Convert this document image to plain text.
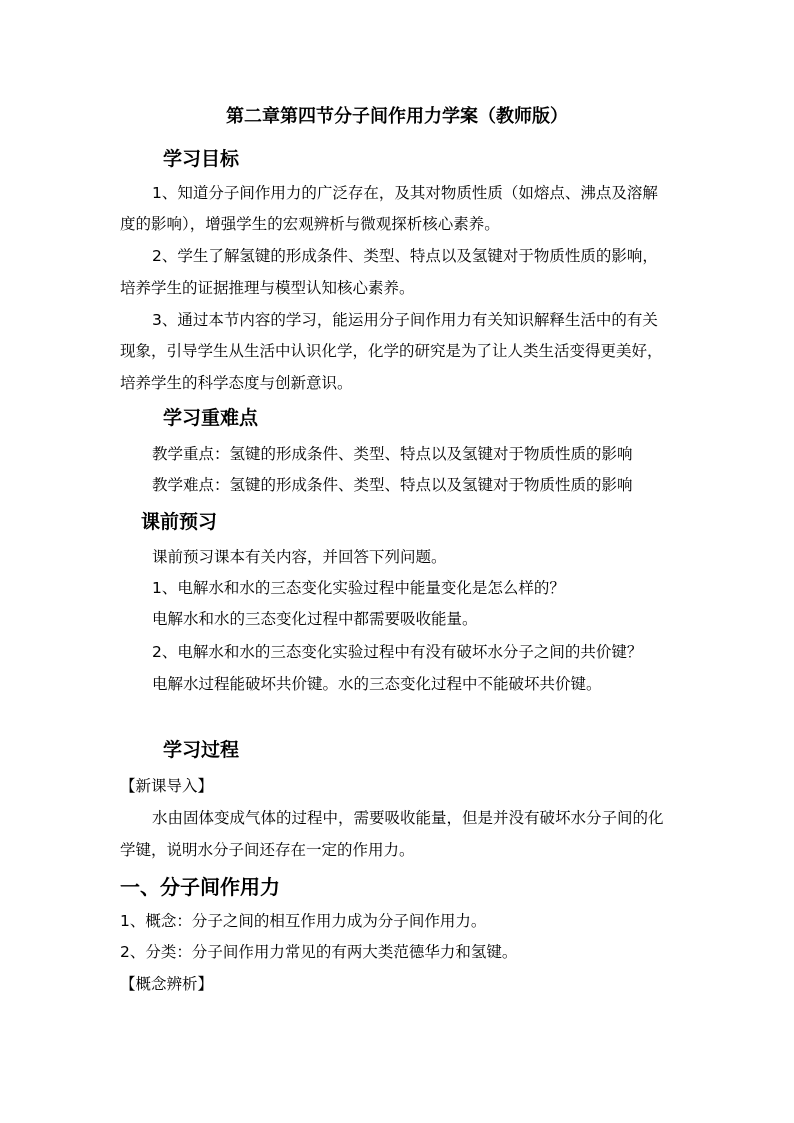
第二章第四节分子间作用力学案（教师版）
学习目标
1、知道分子间作用力的广泛存在，及其对物质性质（如熔点、沸点及溶解
度的影响），增强学生的宏观辨析与微观探析核心素养。
2、学生了解氢键的形成条件、类型、特点以及氢键对于物质性质的影响，
培养学生的证据推理与模型认知核心素养。
3、通过本节内容的学习，能运用分子间作用力有关知识解释生活中的有关
现象，引导学生从生活中认识化学，化学的研究是为了让人类生活变得更美好，
培养学生的科学态度与创新意识。
学习重难点
教学重点：氢键的形成条件、类型、特点以及氢键对于物质性质的影响
教学难点：氢键的形成条件、类型、特点以及氢键对于物质性质的影响
课前预习
课前预习课本有关内容，并回答下列问题。
1、电解水和水的三态变化实验过程中能量变化是怎么样的？
电解水和水的三态变化过程中都需要吸收能量。
2、电解水和水的三态变化实验过程中有没有破坏水分子之间的共价键？
电解水过程能破坏共价键。水的三态变化过程中不能破坏共价键。
学习过程
【新课导入】
水由固体变成气体的过程中，需要吸收能量，但是并没有破坏水分子间的化
学键，说明水分子间还存在一定的作用力。
一、分子间作用力
1、概念：分子之间的相互作用力成为分子间作用力。
2、分类：分子间作用力常见的有两大类范德华力和氢键。
【概念辨析】
